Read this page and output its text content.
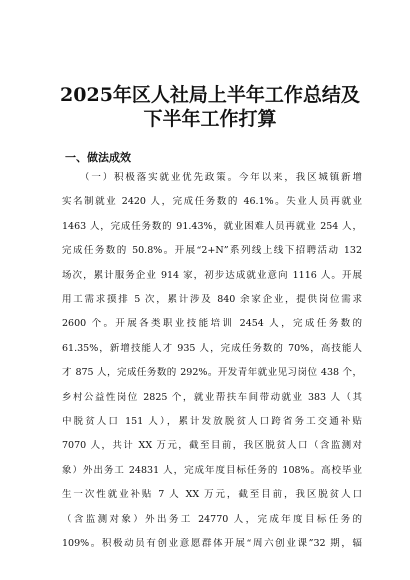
2025年区人社局上半年工作总结及
下半年工作打算
一、做法成效
（一）积极落实就业优先政策。今年以来，我区城镇新增
实名制就业 2420 人，完成任务数的 46.1%。失业人员再就业
1463 人，完成任务数的 91.43%，就业困难人员再就业 254 人，
完成任务数的 50.8%。开展“2+N”系列线上线下招聘活动 132
场次，累计服务企业 914 家，初步达成就业意向 1116 人。开展
用工需求摸排 5 次，累计涉及 840 余家企业，提供岗位需求
2600 个。开展各类职业技能培训 2454 人，完成任务数的
61.35%，新增技能人才 935 人，完成任务数的 70%，高技能人
才 875 人，完成任务数的 292%。开发青年就业见习岗位 438 个，
乡村公益性岗位 2825 个，就业帮扶车间带动就业 383 人（其
中脱贫人口 151 人），累计发放脱贫人口跨省务工交通补贴
7070 人，共计 XX 万元，截至目前，我区脱贫人口（含监测对
象）外出务工 24831 人，完成年度目标任务的 108%。高校毕业
生一次性就业补贴 7 人 XX 万元，截至目前，我区脱贫人口
（含监测对象）外出务工 24770 人，完成年度目标任务的
109%。积极动员有创业意愿群体开展“周六创业课”32 期，辐
